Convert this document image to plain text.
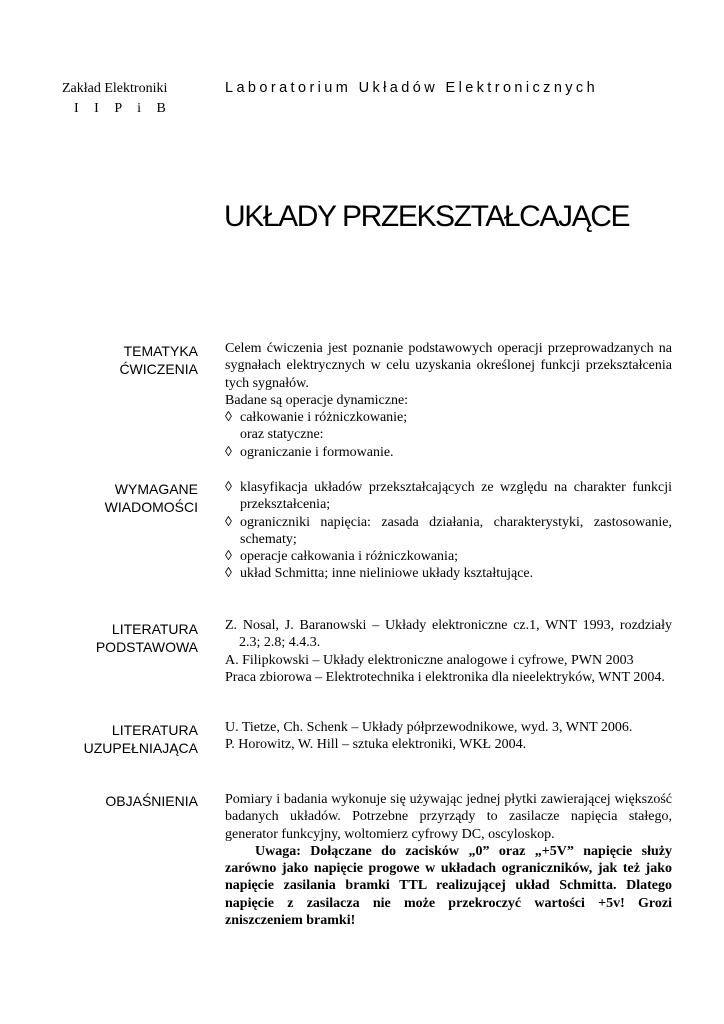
Zakład Elektroniki
I I P i B
Laboratorium Układów Elektronicznych
UKŁADY PRZEKSZTAŁCAJĄCE
TEMATYKA
ĆWICZENIA

Celem ćwiczenia jest poznanie podstawowych operacji przeprowadzanych na sygnałach elektrycznych w celu uzyskania określonej funkcji przekształcenia tych sygnałów.

Badane są operacje dynamiczne:

◊ całkowanie i różniczkowanie;
oraz statyczne:
◊ ograniczanie i formowanie.
WYMAGANE
WIADOMOŚCI
◊ klasyfikacja układów przekształcających ze względu na charakter funkcji przekształcenia;
◊ ograniczniki napięcia: zasada działania, charakterystyki, zastosowanie, schematy;
◊ operacje całkowania i różniczkowania;
◊ układ Schmitta; inne nieliniowe układy kształtujące.
LITERATURA
PODSTAWOWA

Z. Nosal, J. Baranowski – Układy elektroniczne cz.1, WNT 1993, rozdziały 2.3; 2.8; 4.4.3.

A. Filipkowski – Układy elektroniczne analogowe i cyfrowe, PWN 2003

Praca zbiorowa – Elektrotechnika i elektronika dla nieelektryków, WNT 2004.

LITERATURA
UZUPEŁNIAJĄCA

U. Tietze, Ch. Schenk – Układy półprzewodnikowe, wyd. 3, WNT 2006.

P. Horowitz, W. Hill – sztuka elektroniki, WKŁ 2004.

OBJAŚNIENIA Pomiary i badania wykonuje się używając jednej płytki zawierającej większość badanych układów. Potrzebne przyrządy to zasilacze napięcia stałego, generator funkcyjny, woltomierz cyfrowy DC, oscyloskop.

Uwaga: Dołączane do zacisków „0” oraz „+5V” napięcie służy zarówno jako napięcie progowe w układach ograniczników, jak też jako napięcie zasilania bramki TTL realizującej układ Schmitta. Dlatego napięcie z zasilacza nie może przekroczyć wartości +5v! Grozi zniszczeniem bramki!
